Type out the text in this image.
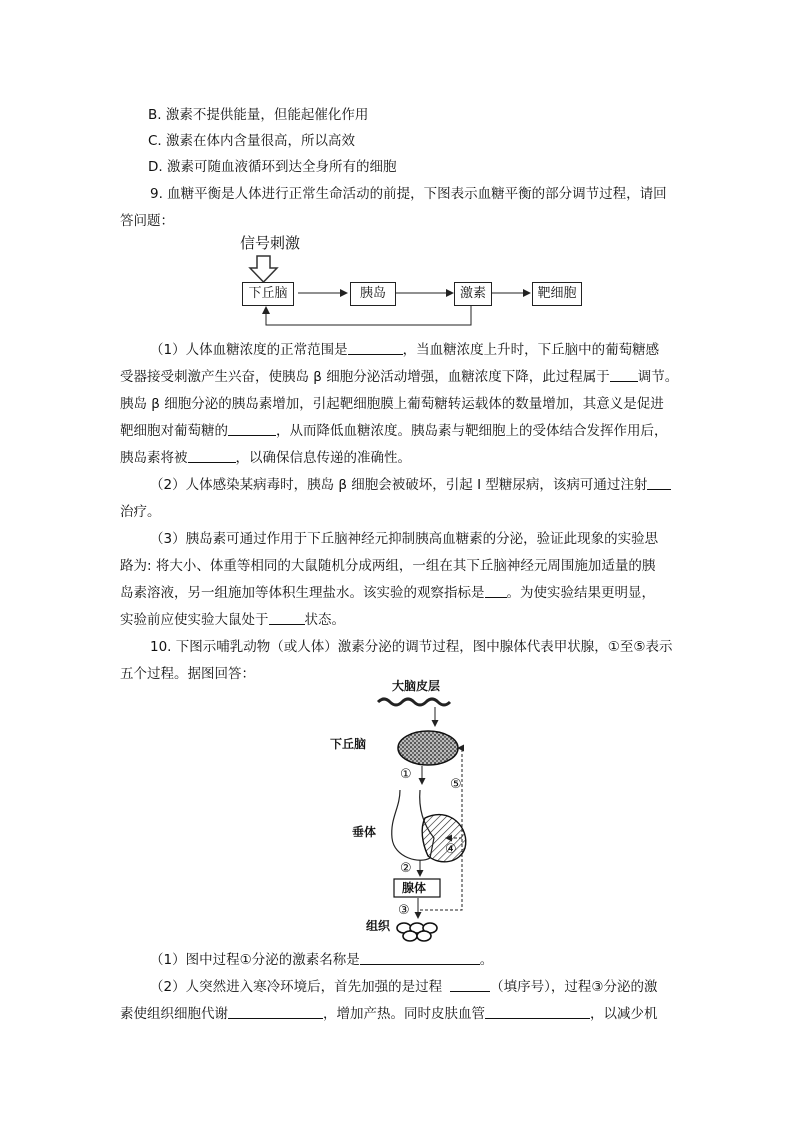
B. 激素不提供能量，但能起催化作用
C. 激素在体内含量很高，所以高效
D. 激素可随血液循环到达全身所有的细胞
9. 血糖平衡是人体进行正常生命活动的前提，下图表示血糖平衡的部分调节过程，请回
答问题：
信号刺激
下丘脑	胰岛	激素	靶细胞
（1）人体血糖浓度的正常范围是	，当血糖浓度上升时，下丘脑中的葡萄糖感
受器接受刺激产生兴奋，使胰岛 β 细胞分泌活动增强，血糖浓度下降，此过程属于 调节。
胰岛 β 细胞分泌的胰岛素增加，引起靶细胞膜上葡萄糖转运载体的数量增加，其意义是促进
靶细胞对葡萄糖的	，从而降低血糖浓度。胰岛素与靶细胞上的受体结合发挥作用后，
胰岛素将被	，以确保信息传递的准确性。
（2）人体感染某病毒时，胰岛 β 细胞会被破坏，引起 I 型糖尿病，该病可通过注射
治疗。
（3）胰岛素可通过作用于下丘脑神经元抑制胰高血糖素的分泌，验证此现象的实验思
路为: 将大小、体重等相同的大鼠随机分成两组，一组在其下丘脑神经元周围施加适量的胰
岛素溶液，另一组施加等体积生理盐水。该实验的观察指标是 。为使实验结果更明显，
实验前应使实验大鼠处于	状态。
10. 下图示哺乳动物（或人体）激素分泌的调节过程，图中腺体代表甲状腺，①至⑤表示
五个过程。据图回答：
大脑皮层
下丘脑
①
垂体
②
腺体
③
组织
⑤
④
（1）图中过程①分泌的激素名称是	。
（2）人突然进入寒冷环境后，首先加强的是过程	（填序号），过程③分泌的激
素使组织细胞代谢	，增加产热。同时皮肤血管	，以减少机
